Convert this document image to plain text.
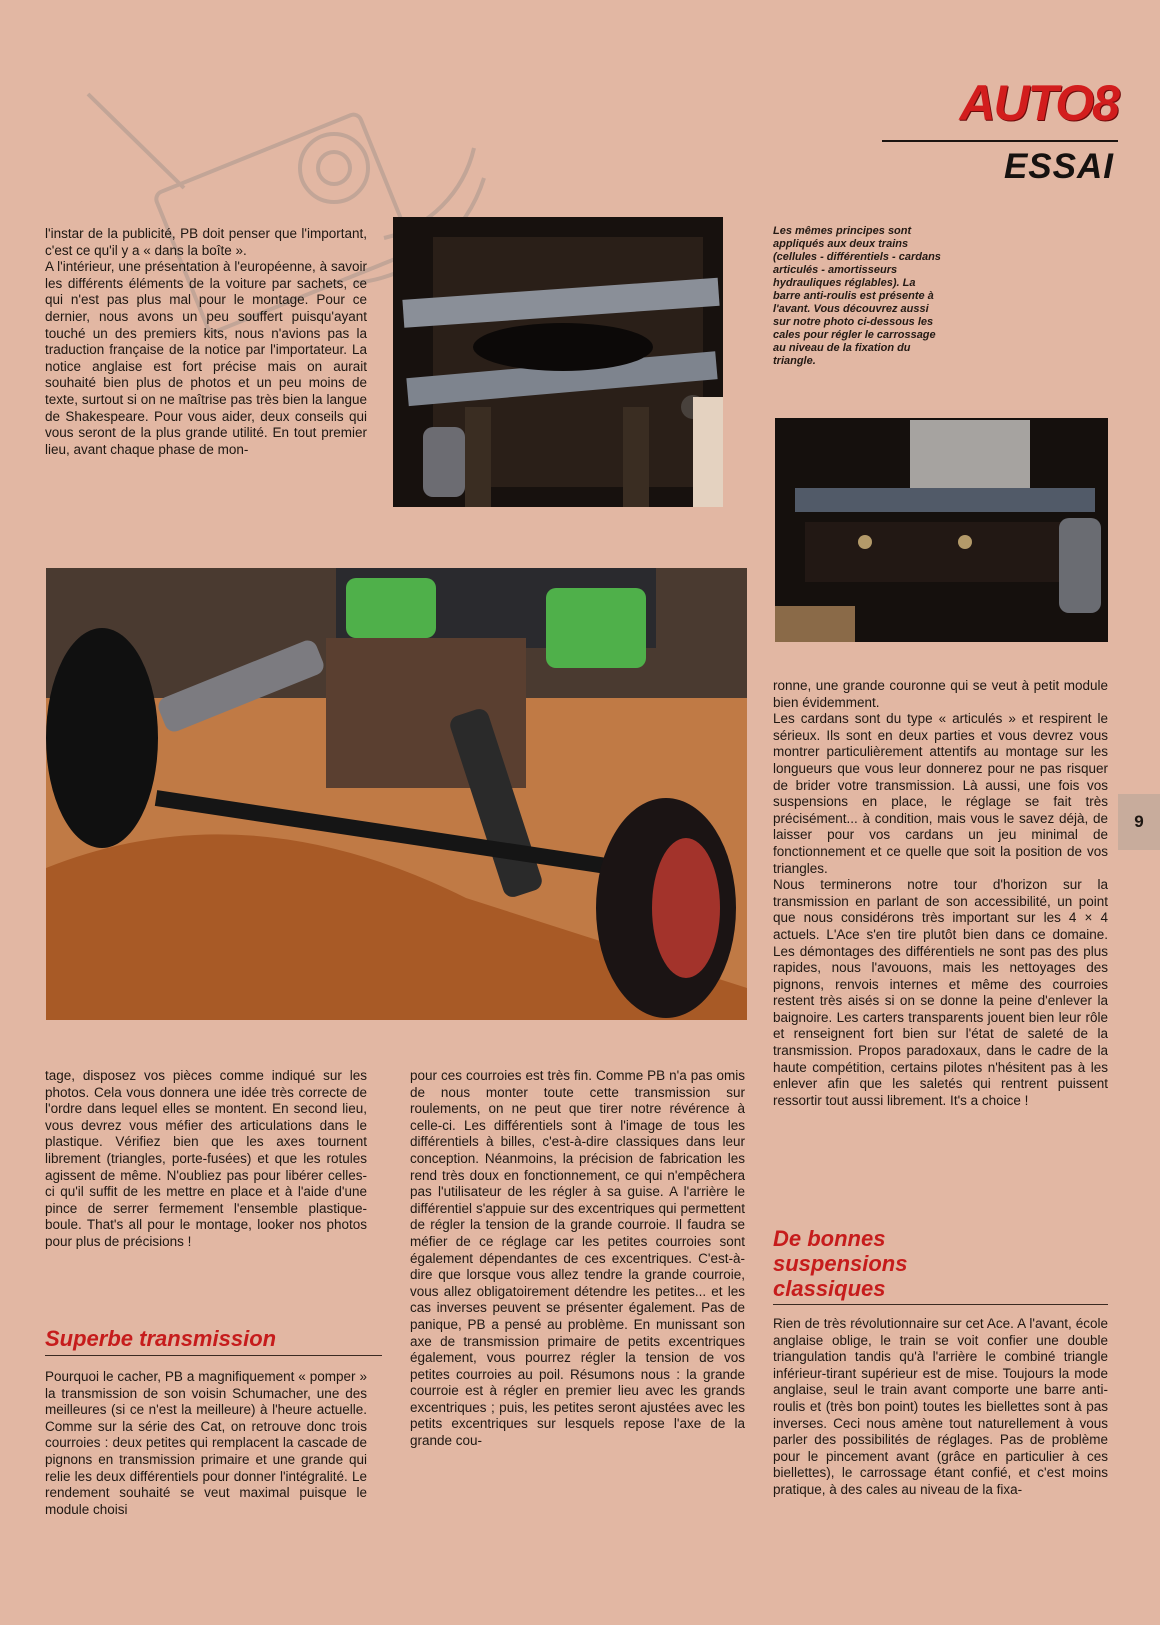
AUTO8
ESSAI
l'instar de la publicité, PB doit penser que l'important, c'est ce qu'il y a « dans la boîte ».
A l'intérieur, une présentation à l'européenne, à savoir les différents éléments de la voiture par sachets, ce qui n'est pas plus mal pour le montage. Pour ce dernier, nous avons un peu souffert puisqu'ayant touché un des premiers kits, nous n'avions pas la traduction française de la notice par l'importateur. La notice anglaise est fort précise mais on aurait souhaité bien plus de photos et un peu moins de texte, surtout si on ne maîtrise pas très bien la langue de Shakespeare. Pour vous aider, deux conseils qui vous seront de la plus grande utilité. En tout premier lieu, avant chaque phase de mon-
Les mêmes principes sont appliqués aux deux trains (cellules - différentiels - cardans articulés - amortisseurs hydrauliques réglables). La barre anti-roulis est présente à l'avant. Vous découvrez aussi sur notre photo ci-dessous les cales pour régler le carrossage au niveau de la fixation du triangle.
ronne, une grande couronne qui se veut à petit module bien évidemment.
Les cardans sont du type « articulés » et respirent le sérieux. Ils sont en deux parties et vous devrez vous montrer particulièrement attentifs au montage sur les longueurs que vous leur donnerez pour ne pas risquer de brider votre transmission. Là aussi, une fois vos suspensions en place, le réglage se fait très précisément... à condition, mais vous le savez déjà, de laisser pour vos cardans un jeu minimal de fonctionnement et ce quelle que soit la position de vos triangles.
Nous terminerons notre tour d'horizon sur la transmission en parlant de son accessibilité, un point que nous considérons très important sur les 4 × 4 actuels. L'Ace s'en tire plutôt bien dans ce domaine. Les démontages des différentiels ne sont pas des plus rapides, nous l'avouons, mais les nettoyages des pignons, renvois internes et même des courroies restent très aisés si on se donne la peine d'enlever la baignoire. Les carters transparents jouent bien leur rôle et renseignent fort bien sur l'état de saleté de la transmission. Propos paradoxaux, dans le cadre de la haute compétition, certains pilotes n'hésitent pas à les enlever afin que les saletés qui rentrent puissent ressortir tout aussi librement. It's a choice !
9
tage, disposez vos pièces comme indiqué sur les photos. Cela vous donnera une idée très correcte de l'ordre dans lequel elles se montent. En second lieu, vous devrez vous méfier des articulations dans le plastique. Vérifiez bien que les axes tournent librement (triangles, porte-fusées) et que les rotules agissent de même. N'oubliez pas pour libérer celles-ci qu'il suffit de les mettre en place et à l'aide d'une pince de serrer fermement l'ensemble plastique-boule. That's all pour le montage, looker nos photos pour plus de précisions !
Superbe transmission
Pourquoi le cacher, PB a magnifiquement « pomper » la transmission de son voisin Schumacher, une des meilleures (si ce n'est la meilleure) à l'heure actuelle. Comme sur la série des Cat, on retrouve donc trois courroies : deux petites qui remplacent la cascade de pignons en transmission primaire et une grande qui relie les deux différentiels pour donner l'intégralité. Le rendement souhaité se veut maximal puisque le module choisi
pour ces courroies est très fin. Comme PB n'a pas omis de nous monter toute cette transmission sur roulements, on ne peut que tirer notre révérence à celle-ci. Les différentiels sont à l'image de tous les différentiels à billes, c'est-à-dire classiques dans leur conception. Néanmoins, la précision de fabrication les rend très doux en fonctionnement, ce qui n'empêchera pas l'utilisateur de les régler à sa guise. A l'arrière le différentiel s'appuie sur des excentriques qui permettent de régler la tension de la grande courroie. Il faudra se méfier de ce réglage car les petites courroies sont également dépendantes de ces excentriques. C'est-à-dire que lorsque vous allez tendre la grande courroie, vous allez obligatoirement détendre les petites... et les cas inverses peuvent se présenter également. Pas de panique, PB a pensé au problème. En munissant son axe de transmission primaire de petits excentriques également, vous pourrez régler la tension de vos petites courroies au poil. Résumons nous : la grande courroie est à régler en premier lieu avec les grands excentriques ; puis, les petites seront ajustées avec les petits excentriques sur lesquels repose l'axe de la grande cou-
De bonnes suspensions classiques
Rien de très révolutionnaire sur cet Ace. A l'avant, école anglaise oblige, le train se voit confier une double triangulation tandis qu'à l'arrière le combiné triangle inférieur-tirant supérieur est de mise. Toujours la mode anglaise, seul le train avant comporte une barre anti-roulis et (très bon point) toutes les biellettes sont à pas inverses. Ceci nous amène tout naturellement à vous parler des possibilités de réglages. Pas de problème pour le pincement avant (grâce en particulier à ces biellettes), le carrossage étant confié, et c'est moins pratique, à des cales au niveau de la fixa-
